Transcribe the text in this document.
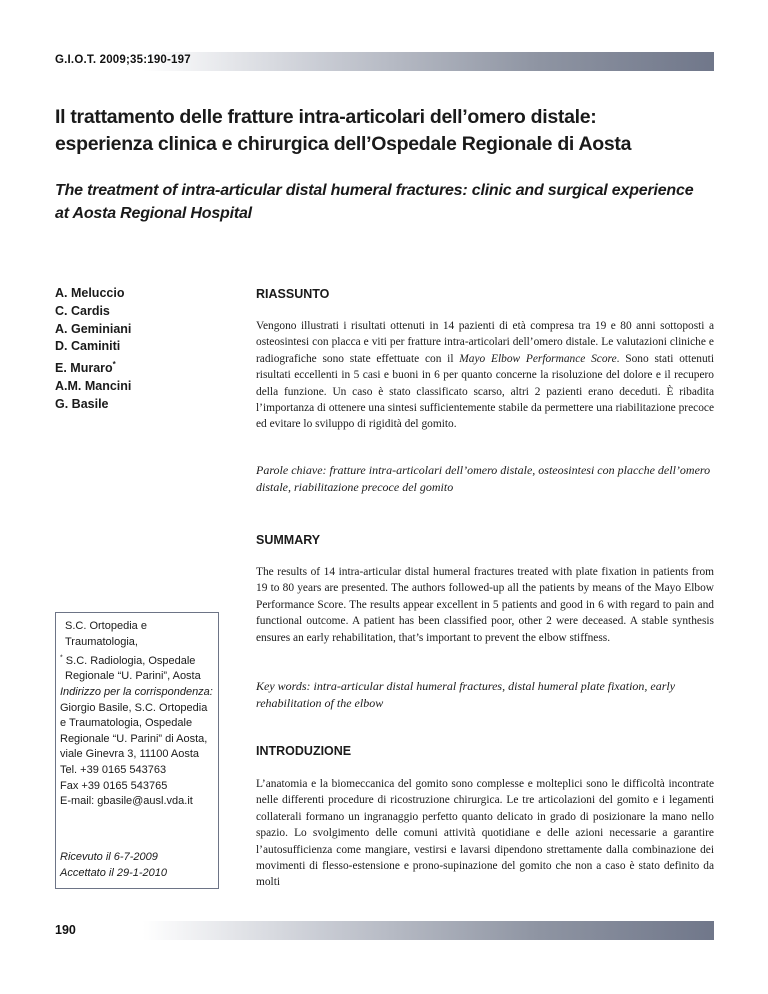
G.I.O.T. 2009;35:190-197
Il trattamento delle fratture intra-articolari dell’omero distale: esperienza clinica e chirurgica dell’Ospedale Regionale di Aosta
The treatment of intra-articular distal humeral fractures: clinic and surgical experience at Aosta Regional Hospital
A. Meluccio
C. Cardis
A. Geminiani
D. Caminiti
E. Muraro*
A.M. Mancini
G. Basile
S.C. Ortopedia e Traumatologia,
* S.C. Radiologia, Ospedale
Regionale “U. Parini”, Aosta
Indirizzo per la corrispondenza:
Giorgio Basile, S.C. Ortopedia
e Traumatologia, Ospedale
Regionale “U. Parini” di Aosta,
viale Ginevra 3, 11100 Aosta
Tel. +39 0165 543763
Fax +39 0165 543765
E-mail: gbasile@ausl.vda.it
Ricevuto il 6-7-2009
Accettato il 29-1-2010
RIASSUNTO

Vengono illustrati i risultati ottenuti in 14 pazienti di età compresa tra 19 e 80 anni sottoposti a osteosintesi con placca e viti per fratture intra-articolari dell’omero distale. Le valutazioni cliniche e radiografiche sono state effettuate con il Mayo Elbow Performance Score. Sono stati ottenuti risultati eccellenti in 5 casi e buoni in 6 per quanto concerne la risoluzione del dolore e il recupero della funzione. Un caso è stato classificato scarso, altri 2 pazienti erano deceduti. È ribadita l’importanza di ottenere una sintesi sufficientemente stabile da permettere una riabilitazione precoce ed evitare lo sviluppo di rigidità del gomito.

Parole chiave: fratture intra-articolari dell’omero distale, osteosintesi con placche dell’omero distale, riabilitazione precoce del gomito

SUMMARY

The results of 14 intra-articular distal humeral fractures treated with plate fixation in patients from 19 to 80 years are presented. The authors followed-up all the patients by means of the Mayo Elbow Performance Score. The results appear excellent in 5 patients and good in 6 with regard to pain and functional outcome. A patient has been classified poor, other 2 were deceased. A stable synthesis ensures an early rehabilitation, that’s important to prevent the elbow stiffness.

Key words: intra-articular distal humeral fractures, distal humeral plate fixation, early rehabilitation of the elbow

INTRODUZIONE

L’anatomia e la biomeccanica del gomito sono complesse e molteplici sono le difficoltà incontrate nelle differenti procedure di ricostruzione chirurgica. Le tre articolazioni del gomito e i legamenti collaterali formano un ingranaggio perfetto quanto delicato in grado di posizionare la mano nello spazio. Lo svolgimento delle comuni attività quotidiane e delle azioni necessarie a garantire l’autosufficienza come mangiare, vestirsi e lavarsi dipendono strettamente dalla combinazione dei movimenti di flesso-estensione e prono-supinazione del gomito che non a caso è stato definito da molti

190
